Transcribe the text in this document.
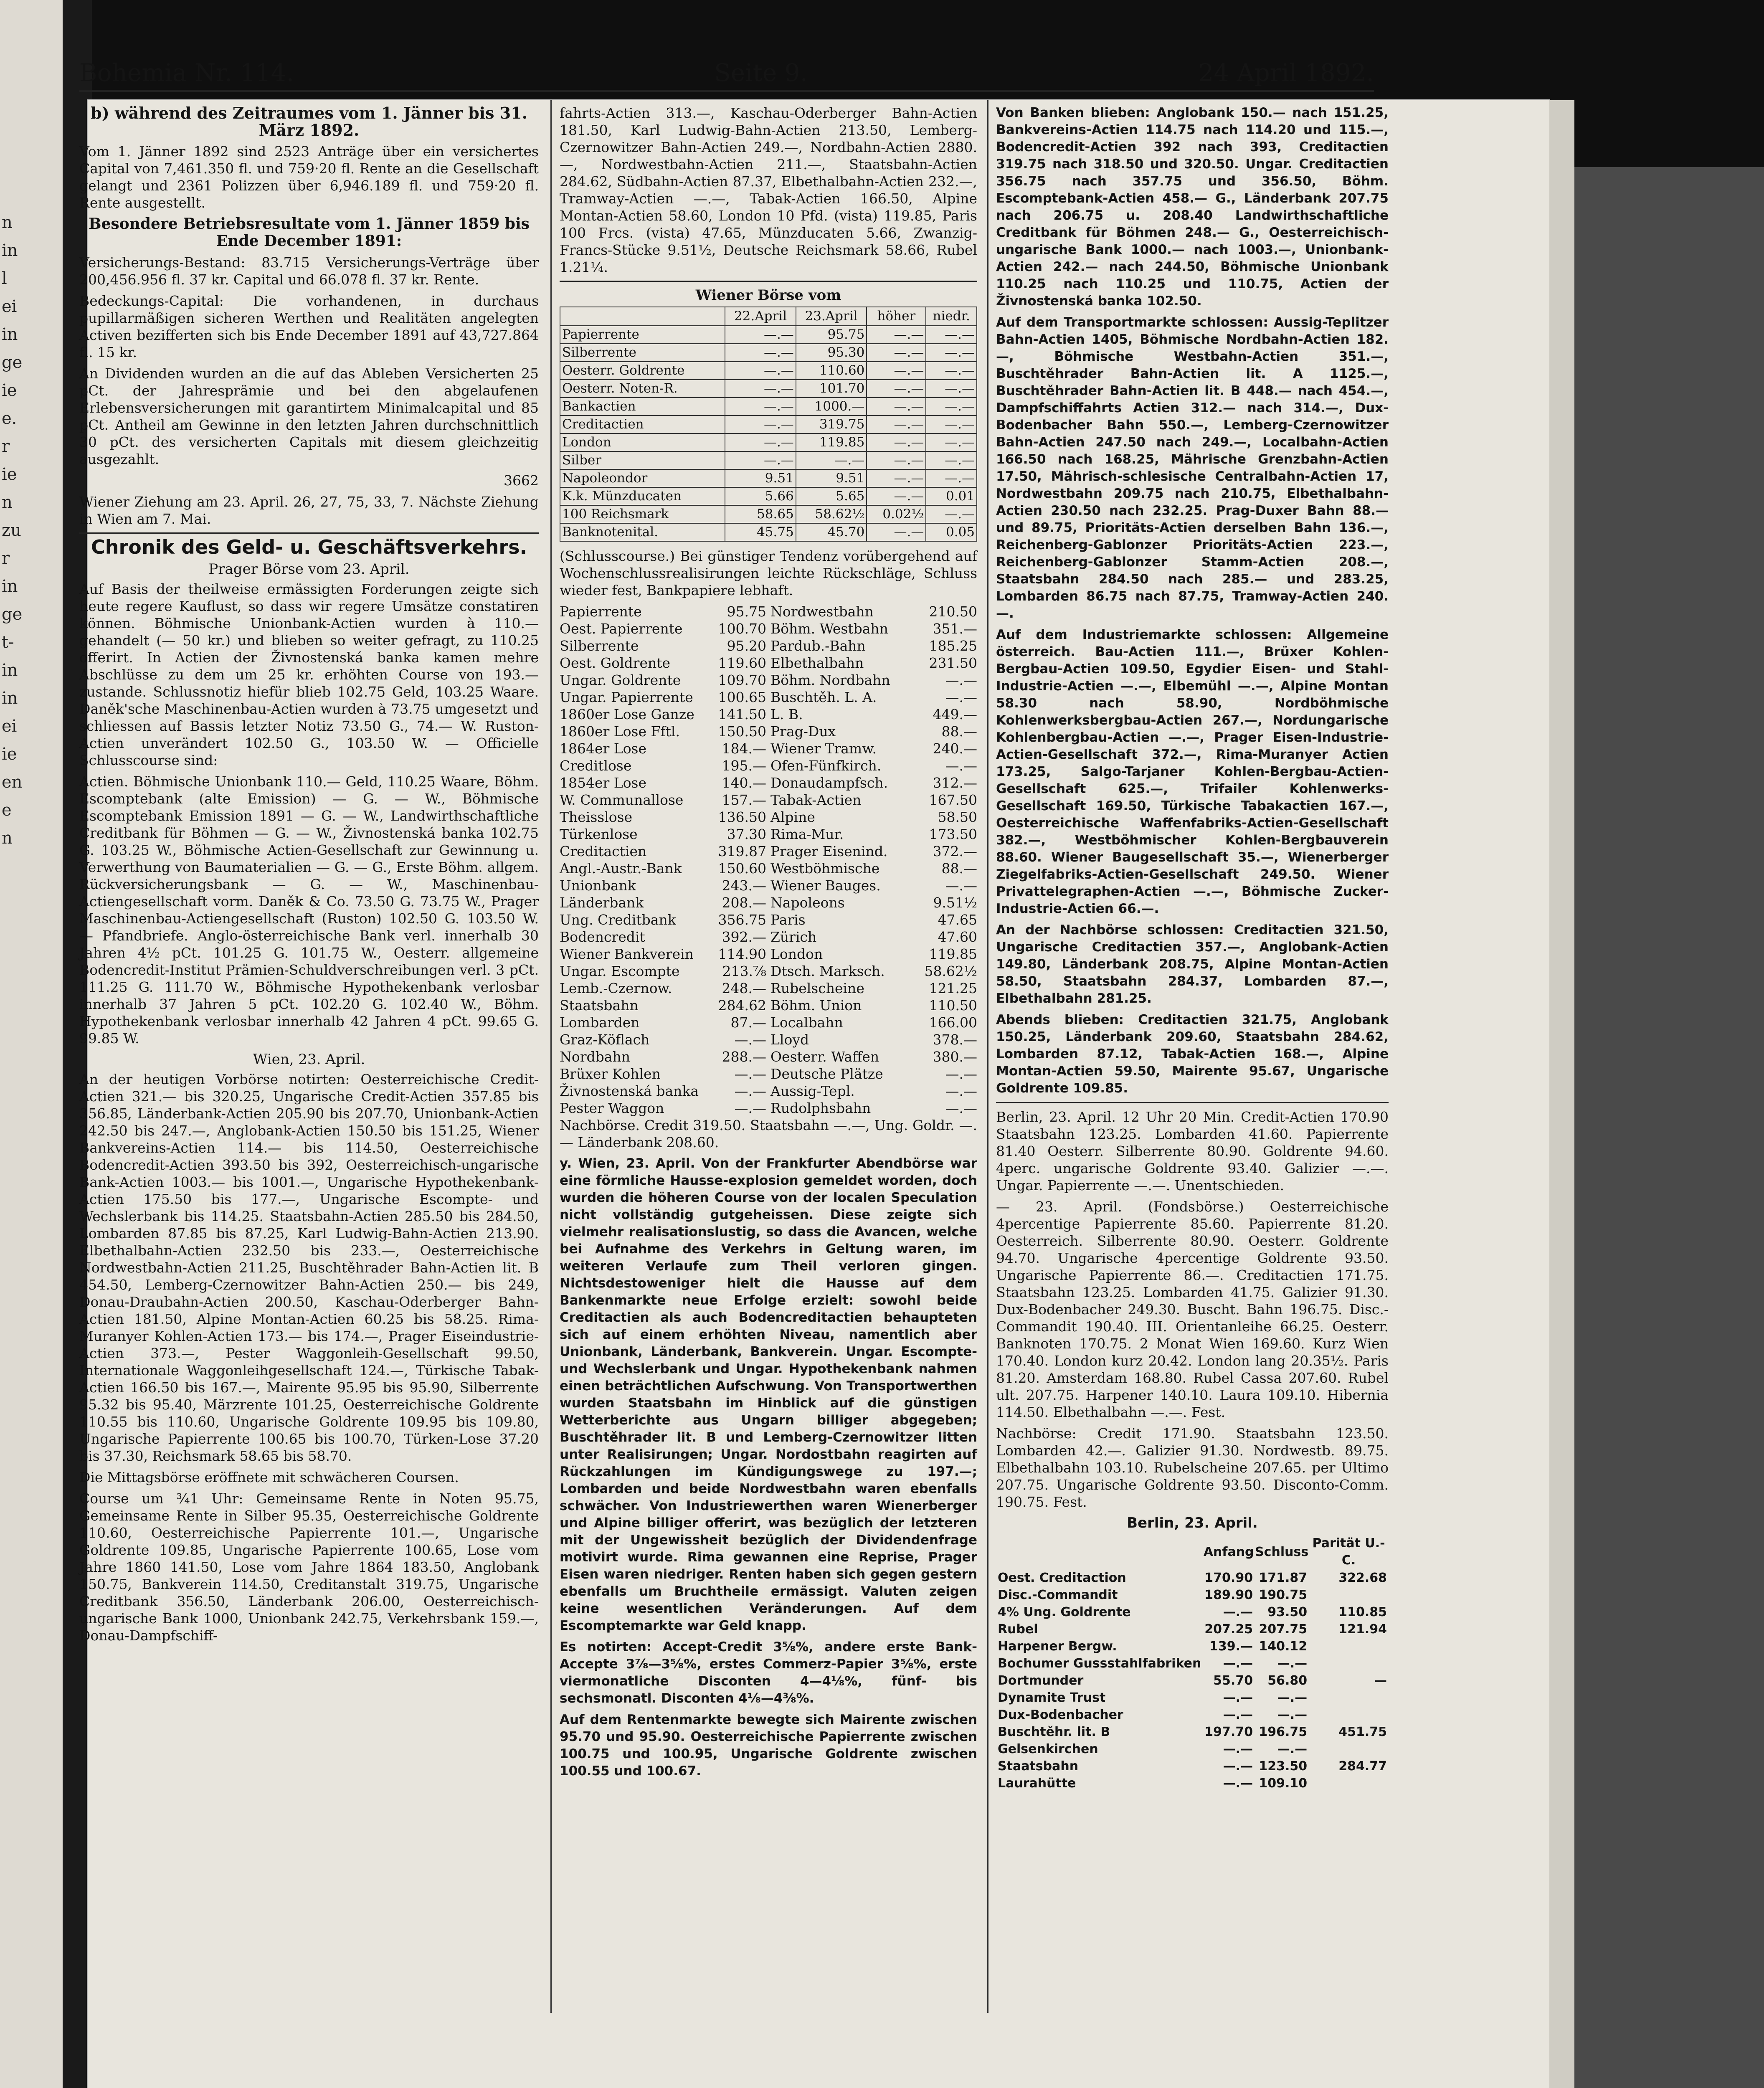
n
in
l
ei
in
ge
ie
e.
r
ie
n
zu
r
in
ge
t-
in
in
ei
ie
en
e
n
Bohemia Nr. 114.	Seite 9.	24 April 1892.

b) während des Zeitraumes vom 1. Jänner bis 31. März 1892.

Vom 1. Jänner 1892 sind 2523 Anträge über ein versichertes Capital von 7,461.350 fl. und 759·20 fl. Rente an die Gesellschaft gelangt und 2361 Polizzen über 6,946.189 fl. und 759·20 fl. Rente ausgestellt.

Besondere Betriebsresultate vom 1. Jänner 1859 bis Ende December 1891:

Versicherungs-Bestand: 83.715 Versicherungs-Verträge über 200,456.956 fl. 37 kr. Capital und 66.078 fl. 37 kr. Rente.

Bedeckungs-Capital: Die vorhandenen, in durchaus pupillarmäßigen sicheren Werthen und Realitäten angelegten Activen bezifferten sich bis Ende December 1891 auf 43,727.864 fl. 15 kr.

An Dividenden wurden an die auf das Ableben Versicherten 25 pCt. der Jahresprämie und bei den abgelaufenen Erlebensversicherungen mit garantirtem Minimalcapital und 85 pCt. Antheil am Gewinne in den letzten Jahren durchschnittlich 30 pCt. des versicherten Capitals mit diesem gleichzeitig ausgezahlt.

3662

Wiener Ziehung am 23. April. 26, 27, 75, 33, 7. Nächste Ziehung in Wien am 7. Mai.

Chronik des Geld- u. Geschäftsverkehrs.
Prager Börse vom 23. April.

Auf Basis der theilweise ermässigten Forderungen zeigte sich heute regere Kauflust, so dass wir regere Umsätze constatiren können. Böhmische Unionbank-Actien wurden à 110.— gehandelt (— 50 kr.) und blieben so weiter gefragt, zu 110.25 offerirt. In Actien der Živnostenská banka kamen mehre Abschlüsse zu dem um 25 kr. erhöhten Course von 193.— zustande. Schlussnotiz hiefür blieb 102.75 Geld, 103.25 Waare. Daněk'sche Maschinenbau-Actien wurden à 73.75 umgesetzt und schliessen auf Bassis letzter Notiz 73.50 G., 74.— W. Ruston-Actien unverändert 102.50 G., 103.50 W. — Officielle Schlusscourse sind:

Actien. Böhmische Unionbank 110.— Geld, 110.25 Waare, Böhm. Escomptebank (alte Emission) — G. — W., Böhmische Escomptebank Emission 1891 — G. — W., Landwirthschaftliche Creditbank für Böhmen — G. — W., Živnostenská banka 102.75 G. 103.25 W., Böhmische Actien-Gesellschaft zur Gewinnung u. Verwerthung von Baumaterialien — G. — G., Erste Böhm. allgem. Rückversicherungsbank — G. — W., Maschinenbau-Actiengesellschaft vorm. Daněk & Co. 73.50 G. 73.75 W., Prager Maschinenbau-Actiengesellschaft (Ruston) 102.50 G. 103.50 W. — Pfandbriefe. Anglo-österreichische Bank verl. innerhalb 30 Jahren 4½ pCt. 101.25 G. 101.75 W., Oesterr. allgemeine Bodencredit-Institut Prämien-Schuldverschreibungen verl. 3 pCt. 111.25 G. 111.70 W., Böhmische Hypothekenbank verlosbar innerhalb 37 Jahren 5 pCt. 102.20 G. 102.40 W., Böhm. Hypothekenbank verlosbar innerhalb 42 Jahren 4 pCt. 99.65 G. 99.85 W.

Wien, 23. April.

An der heutigen Vorbörse notirten: Oesterreichische Credit-Actien 321.— bis 320.25, Ungarische Credit-Actien 357.85 bis 356.85, Länderbank-Actien 205.90 bis 207.70, Unionbank-Actien 242.50 bis 247.—, Anglobank-Actien 150.50 bis 151.25, Wiener Bankvereins-Actien 114.— bis 114.50, Oesterreichische Bodencredit-Actien 393.50 bis 392, Oesterreichisch-ungarische Bank-Actien 1003.— bis 1001.—, Ungarische Hypothekenbank-Actien 175.50 bis 177.—, Ungarische Escompte- und Wechslerbank bis 114.25. Staatsbahn-Actien 285.50 bis 284.50, Lombarden 87.85 bis 87.25, Karl Ludwig-Bahn-Actien 213.90. Elbethalbahn-Actien 232.50 bis 233.—, Oesterreichische Nordwestbahn-Actien 211.25, Buschtěhrader Bahn-Actien lit. B 454.50, Lemberg-Czernowitzer Bahn-Actien 250.— bis 249, Donau-Draubahn-Actien 200.50, Kaschau-Oderberger Bahn-Actien 181.50, Alpine Montan-Actien 60.25 bis 58.25. Rima-Muranyer Kohlen-Actien 173.— bis 174.—, Prager Eiseindustrie-Actien 373.—, Pester Waggonleih-Gesellschaft 99.50, Internationale Waggonleihgesellschaft 124.—, Türkische Tabak-Actien 166.50 bis 167.—, Mairente 95.95 bis 95.90, Silberrente 95.32 bis 95.40, Märzrente 101.25, Oesterreichische Goldrente 110.55 bis 110.60, Ungarische Goldrente 109.95 bis 109.80, Ungarische Papierrente 100.65 bis 100.70, Türken-Lose 37.20 bis 37.30, Reichsmark 58.65 bis 58.70.

Die Mittagsbörse eröffnete mit schwächeren Coursen.

Course um ¾1 Uhr: Gemeinsame Rente in Noten 95.75, Gemeinsame Rente in Silber 95.35, Oesterreichische Goldrente 110.60, Oesterreichische Papierrente 101.—, Ungarische Goldrente 109.85, Ungarische Papierrente 100.65, Lose vom Jahre 1860 141.50, Lose vom Jahre 1864 183.50, Anglobank 150.75, Bankverein 114.50, Creditanstalt 319.75, Ungarische Creditbank 356.50, Länderbank 206.00, Oesterreichisch-ungarische Bank 1000, Unionbank 242.75, Verkehrsbank 159.—, Donau-Dampfschiff-

fahrts-Actien 313.—, Kaschau-Oderberger Bahn-Actien 181.50, Karl Ludwig-Bahn-Actien 213.50, Lemberg-Czernowitzer Bahn-Actien 249.—, Nordbahn-Actien 2880.—, Nordwestbahn-Actien 211.—, Staatsbahn-Actien 284.62, Südbahn-Actien 87.37, Elbethalbahn-Actien 232.—, Tramway-Actien —.—, Tabak-Actien 166.50, Alpine Montan-Actien 58.60, London 10 Pfd. (vista) 119.85, Paris 100 Frcs. (vista) 47.65, Münzducaten 5.66, Zwanzig-Francs-Stücke 9.51½, Deutsche Reichsmark 58.66, Rubel 1.21¼.

Wiener Börse vom
	22.April	23.April	höher	niedr.
Papierrente	—.—	95.75	—.—	—.—
Silberrente	—.—	95.30	—.—	—.—
Oesterr. Goldrente	—.—	110.60	—.—	—.—
Oesterr. Noten-R.	—.—	101.70	—.—	—.—
Bankactien	—.—	1000.—	—.—	—.—
Creditactien	—.—	319.75	—.—	—.—
London	—.—	119.85	—.—	—.—
Silber	—.—	—.—	—.—	—.—
Napoleondor	9.51	9.51	—.—	—.—
K.k. Münzducaten	5.66	5.65	—.—	0.01
100 Reichsmark	58.65	58.62½	0.02½	—.—
Banknotenital.	45.75	45.70	—.—	0.05

(Schlusscourse.) Bei günstiger Tendenz vorübergehend auf Wochenschlussrealisirungen leichte Rückschläge, Schluss wieder fest, Bankpapiere lebhaft.

Papierrente	95.75
Oest. Papierrente	100.70
Silberrente	95.20
Oest. Goldrente	119.60
Ungar. Goldrente	109.70
Ungar. Papierrente 100.65
1860er Lose Ganze 141.50
1860er Lose Fftl.	150.50
1864er Lose	184.—
Creditlose	195.—
1854er Lose	140.—
W. Communallose	157.—
Theisslose	136.50
Türkenlose	37.30
Creditactien	319.87
Angl.-Austr.-Bank	150.60
Unionbank	243.—
Länderbank	208.—
Ung. Creditbank	356.75
Bodencredit	392.—
Wiener Bankverein 114.90
Ungar. Escompte	213.⅞
Lemb.-Czernow.	248.—
Staatsbahn	284.62
Lombarden	87.—
Graz-Köflach	—.—
Nordbahn	288.—
Brüxer Kohlen	—.—
Živnostenská banka	—.—
Pester Waggon	—.—
Nordwestbahn	210.50
Böhm. Westbahn	351.—
Pardub.-Bahn	185.25
Elbethalbahn	231.50
Böhm. Nordbahn	—.—
Buschtěh. L. A.	—.—
L. B.	449.—
Prag-Dux	88.—
Wiener Tramw.	240.—
Ofen-Fünfkirch.	—.—
Donaudampfsch.	312.—
Tabak-Actien	167.50
Alpine	58.50
Rima-Mur.	173.50
Prager Eisenind.	372.—
Westböhmische	88.—
Wiener Bauges.	—.—
Napoleons	9.51½
Paris	47.65
Zürich	47.60
London	119.85
Dtsch. Marksch.	58.62½
Rubelscheine	121.25
Böhm. Union	110.50
Localbahn	166.00
Lloyd	378.—
Oesterr. Waffen	380.—
Deutsche Plätze	—.—
Aussig-Tepl.	—.—
Rudolphsbahn	—.—

Nachbörse. Credit 319.50. Staatsbahn —.—, Ung. Goldr. —.— Länderbank 208.60.

y. Wien, 23. April. Von der Frankfurter Abendbörse war eine förmliche Hausse-explosion gemeldet worden, doch wurden die höheren Course von der localen Speculation nicht vollständig gutgeheissen. Diese zeigte sich vielmehr realisationslustig, so dass die Avancen, welche bei Aufnahme des Verkehrs in Geltung waren, im weiteren Verlaufe zum Theil verloren gingen. Nichtsdestoweniger hielt die Hausse auf dem Bankenmarkte neue Erfolge erzielt: sowohl beide Creditactien als auch Bodencreditactien behaupteten sich auf einem erhöhten Niveau, namentlich aber Unionbank, Länderbank, Bankverein. Ungar. Escompte- und Wechslerbank und Ungar. Hypothekenbank nahmen einen beträchtlichen Aufschwung. Von Transportwerthen wurden Staatsbahn im Hinblick auf die günstigen Wetterberichte aus Ungarn billiger abgegeben; Buschtěhrader lit. B und Lemberg-Czernowitzer litten unter Realisirungen; Ungar. Nordostbahn reagirten auf Rückzahlungen im Kündigungswege zu 197.—; Lombarden und beide Nordwestbahn waren ebenfalls schwächer. Von Industriewerthen waren Wienerberger und Alpine billiger offerirt, was bezüglich der letzteren mit der Ungewissheit bezüglich der Dividendenfrage motivirt wurde. Rima gewannen eine Reprise, Prager Eisen waren niedriger. Renten haben sich gegen gestern ebenfalls um Bruchtheile ermässigt. Valuten zeigen keine wesentlichen Veränderungen. Auf dem Escomptemarkte war Geld knapp.

Es notirten: Accept-Credit 3⅝%, andere erste Bank-Accepte 3⅞—3⅝%, erstes Commerz-Papier 3⅝%, erste viermonatliche Disconten 4—4⅛%, fünf- bis sechsmonatl. Disconten 4⅛—4⅜%.

Auf dem Rentenmarkte bewegte sich Mairente zwischen 95.70 und 95.90. Oesterreichische Papierrente zwischen 100.75 und 100.95, Ungarische Goldrente zwischen 100.55 und 100.67.

Von Banken blieben: Anglobank 150.— nach 151.25, Bankvereins-Actien 114.75 nach 114.20 und 115.—, Bodencredit-Actien 392 nach 393, Creditactien 319.75 nach 318.50 und 320.50. Ungar. Creditactien 356.75 nach 357.75 und 356.50, Böhm. Escomptebank-Actien 458.— G., Länderbank 207.75 nach 206.75 u. 208.40 Landwirthschaftliche Creditbank für Böhmen 248.— G., Oesterreichisch-ungarische Bank 1000.— nach 1003.—, Unionbank-Actien 242.— nach 244.50, Böhmische Unionbank 110.25 nach 110.25 und 110.75, Actien der Živnostenská banka 102.50.

Auf dem Transportmarkte schlossen: Aussig-Teplitzer Bahn-Actien 1405, Böhmische Nordbahn-Actien 182.—, Böhmische Westbahn-Actien 351.—, Buschtěhrader Bahn-Actien lit. A 1125.—, Buschtěhrader Bahn-Actien lit. B 448.— nach 454.—, Dampfschiffahrts Actien 312.— nach 314.—, Dux-Bodenbacher Bahn 550.—, Lemberg-Czernowitzer Bahn-Actien 247.50 nach 249.—, Localbahn-Actien 166.50 nach 168.25, Mährische Grenzbahn-Actien 17.50, Mährisch-schlesische Centralbahn-Actien 17, Nordwestbahn 209.75 nach 210.75, Elbethalbahn-Actien 230.50 nach 232.25. Prag-Duxer Bahn 88.— und 89.75, Prioritäts-Actien derselben Bahn 136.—, Reichenberg-Gablonzer Prioritäts-Actien 223.—, Reichenberg-Gablonzer Stamm-Actien 208.—, Staatsbahn 284.50 nach 285.— und 283.25, Lombarden 86.75 nach 87.75, Tramway-Actien 240.—.

Auf dem Industriemarkte schlossen: Allgemeine österreich. Bau-Actien 111.—, Brüxer Kohlen-Bergbau-Actien 109.50, Egydier Eisen- und Stahl-Industrie-Actien —.—, Elbemühl —.—, Alpine Montan 58.30 nach 58.90, Nordböhmische Kohlenwerksbergbau-Actien 267.—, Nordungarische Kohlenbergbau-Actien —.—, Prager Eisen-Industrie-Actien-Gesellschaft 372.—, Rima-Muranyer Actien 173.25, Salgo-Tarjaner Kohlen-Bergbau-Actien-Gesellschaft 625.—, Trifailer Kohlenwerks-Gesellschaft 169.50, Türkische Tabakactien 167.—, Oesterreichische Waffenfabriks-Actien-Gesellschaft 382.—, Westböhmischer Kohlen-Bergbauverein 88.60. Wiener Baugesellschaft 35.—, Wienerberger Ziegelfabriks-Actien-Gesellschaft 249.50. Wiener Privattelegraphen-Actien —.—, Böhmische Zucker-Industrie-Actien 66.—.

An der Nachbörse schlossen: Creditactien 321.50, Ungarische Creditactien 357.—, Anglobank-Actien 149.80, Länderbank 208.75, Alpine Montan-Actien 58.50, Staatsbahn 284.37, Lombarden 87.—, Elbethalbahn 281.25.

Abends blieben: Creditactien 321.75, Anglobank 150.25, Länderbank 209.60, Staatsbahn 284.62, Lombarden 87.12, Tabak-Actien 168.—, Alpine Montan-Actien 59.50, Mairente 95.67, Ungarische Goldrente 109.85.

Berlin, 23. April. 12 Uhr 20 Min. Credit-Actien 170.90 Staatsbahn 123.25. Lombarden 41.60. Papierrente 81.40 Oesterr. Silberrente 80.90. Goldrente 94.60. 4perc. ungarische Goldrente 93.40. Galizier —.—. Ungar. Papierrente —.—. Unentschieden.

— 23. April. (Fondsbörse.) Oesterreichische 4percentige Papierrente 85.60. Papierrente 81.20. Oesterreich. Silberrente 80.90. Oesterr. Goldrente 94.70. Ungarische 4percentige Goldrente 93.50. Ungarische Papierrente 86.—. Creditactien 171.75. Staatsbahn 123.25. Lombarden 41.75. Galizier 91.30. Dux-Bodenbacher 249.30. Buscht. Bahn 196.75. Disc.-Commandit 190.40. III. Orientanleihe 66.25. Oesterr. Banknoten 170.75. 2 Monat Wien 169.60. Kurz Wien 170.40. London kurz 20.42. London lang 20.35½. Paris 81.20. Amsterdam 168.80. Rubel Cassa 207.60. Rubel ult. 207.75. Harpener 140.10. Laura 109.10. Hibernia 114.50. Elbethalbahn —.—. Fest.

Nachbörse: Credit 171.90. Staatsbahn 123.50. Lombarden 42.—. Galizier 91.30. Nordwestb. 89.75. Elbethalbahn 103.10. Rubelscheine 207.65. per Ultimo 207.75. Ungarische Goldrente 93.50. Disconto-Comm. 190.75. Fest.

Berlin, 23. April.
	Anfang	Schluss	Parität U.-C.
Oest. Creditaction	170.90	171.87	322.68
Disc.-Commandit	189.90	190.75	
4% Ung. Goldrente	—.—	93.50	110.85
Rubel	207.25	207.75	121.94
Harpener Bergw.	139.—	140.12	
Bochumer Gussstahlfabriken	—.—	—.—	
Dortmunder	55.70	56.80	—
Dynamite Trust	—.—	—.—	
Dux-Bodenbacher	—.—	—.—	
Buschtěhr. lit. B	197.70	196.75	451.75
Gelsenkirchen	—.—	—.—	
Staatsbahn	—.—	123.50	284.77
Laurahütte	—.—	109.10	
